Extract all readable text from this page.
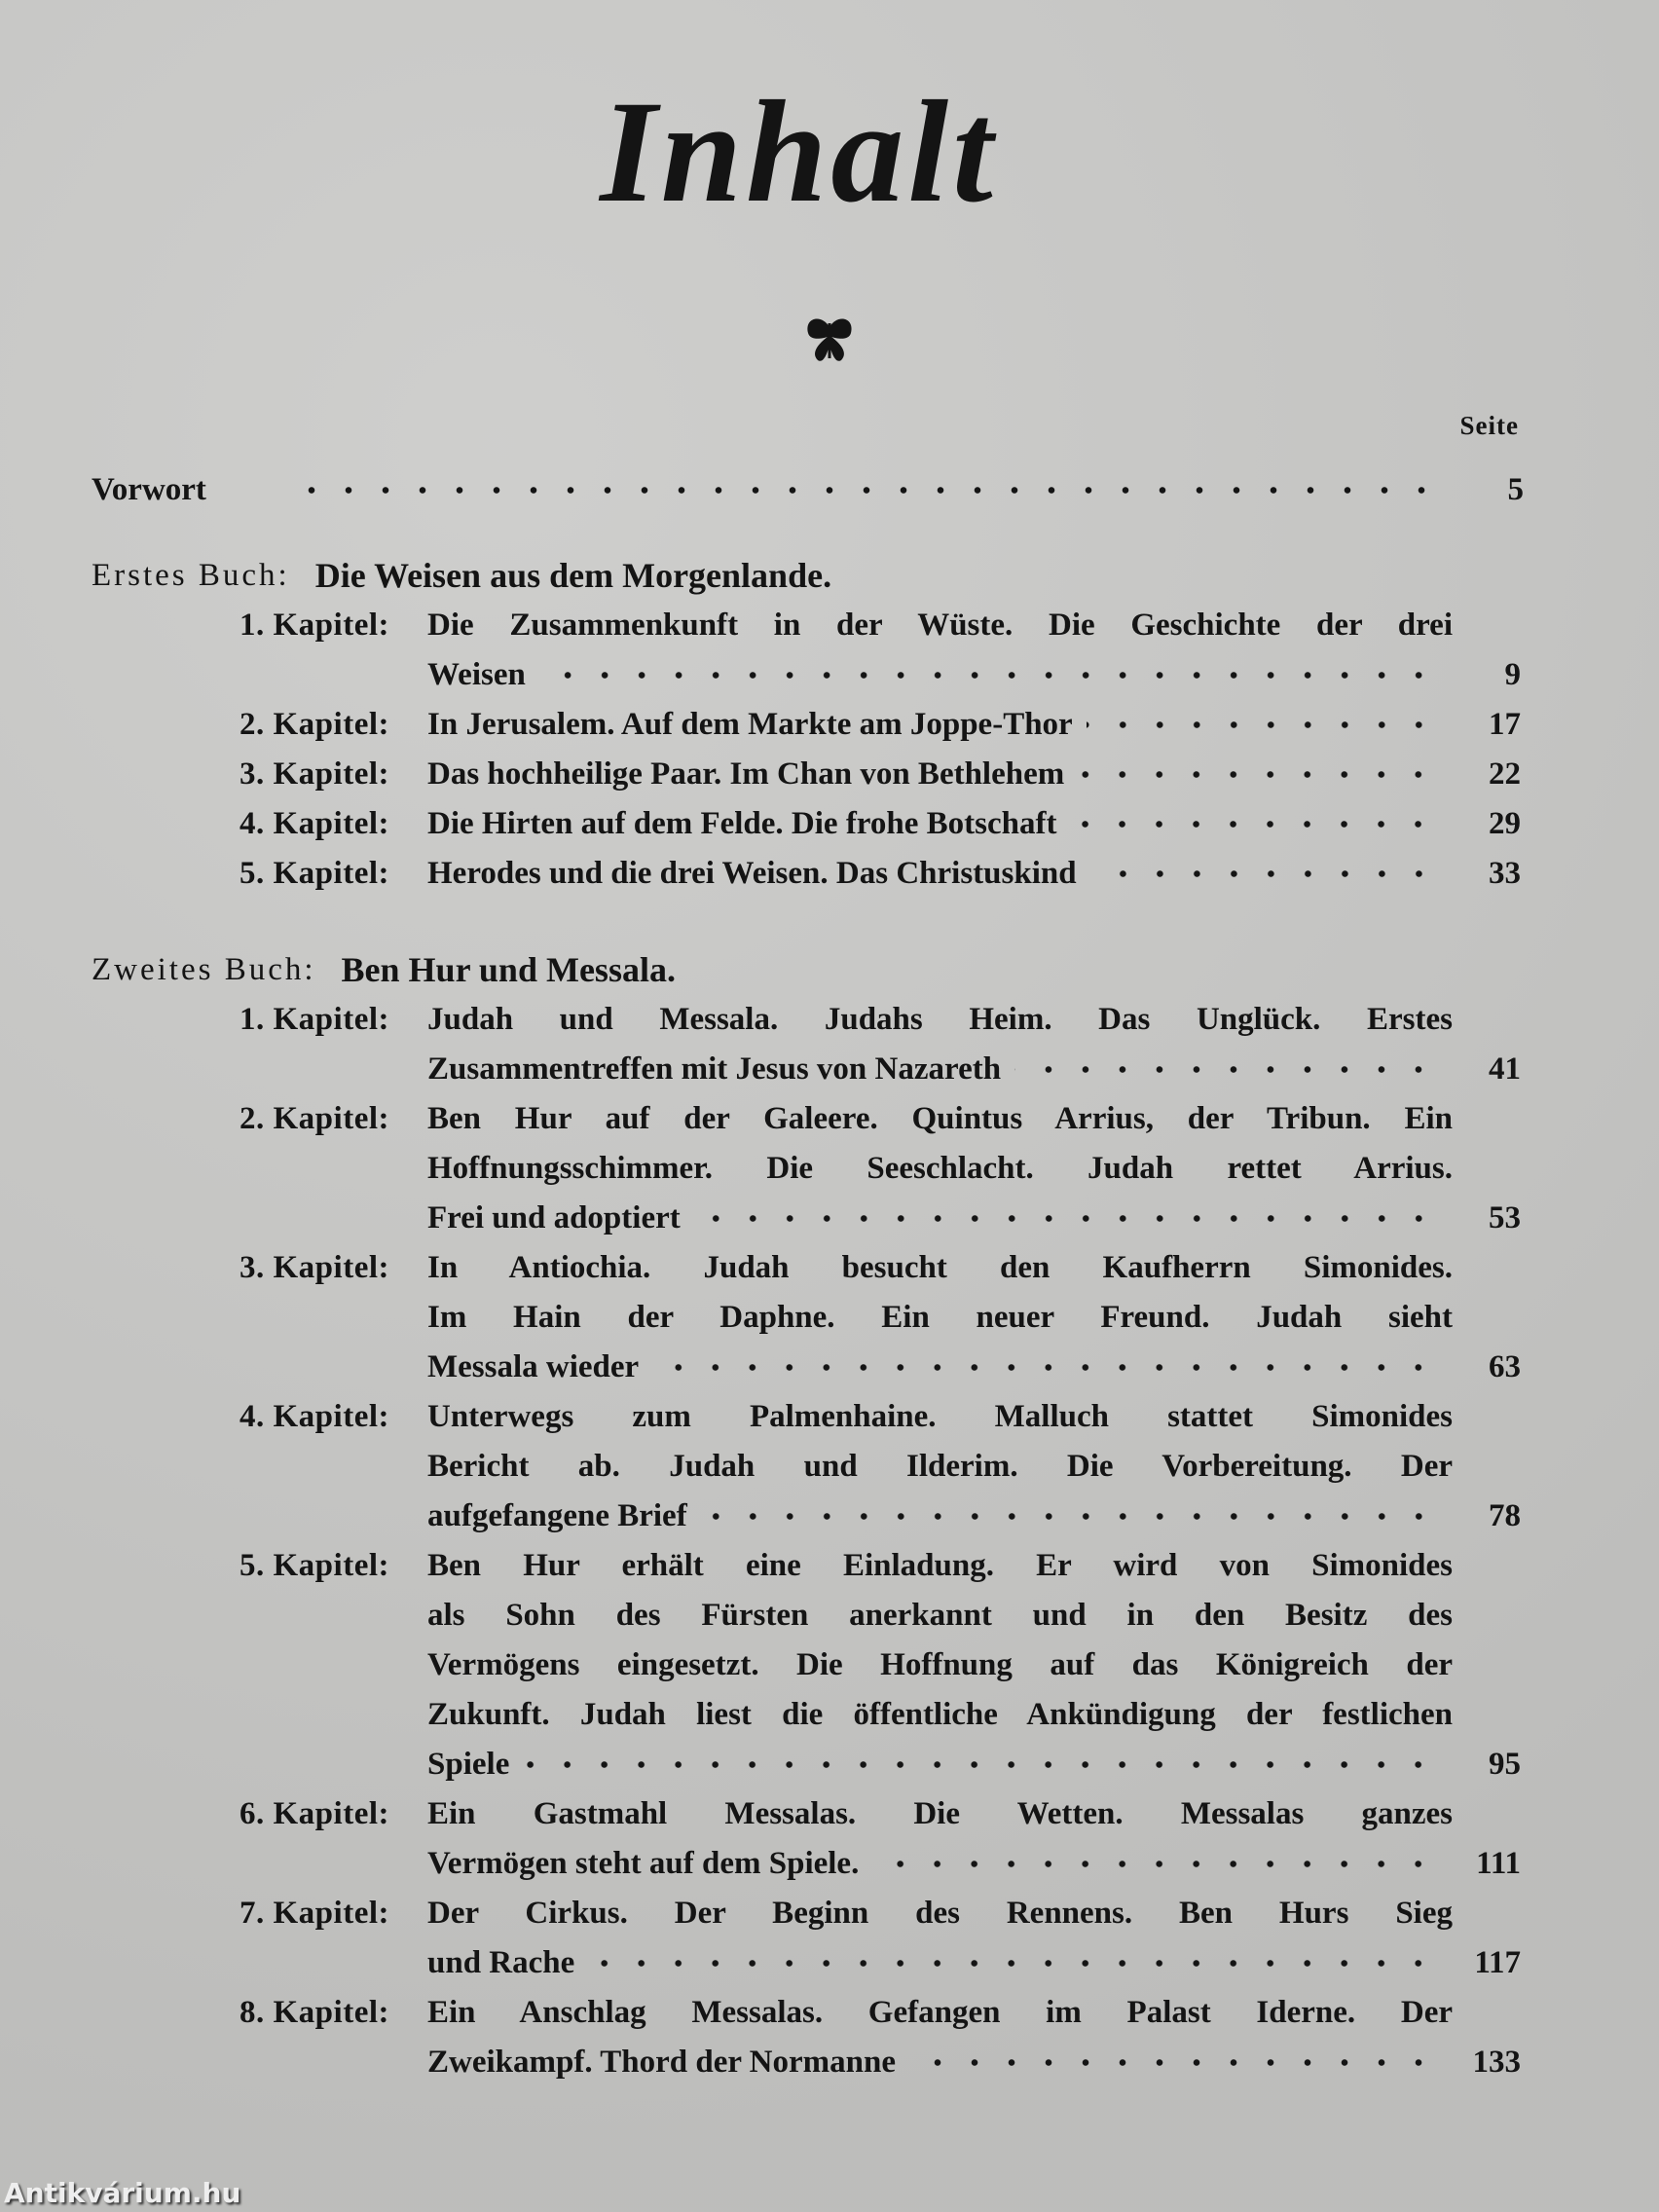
Inhalt
Seite
Vorwort	5
Erstes Buch: Die Weisen aus dem Morgenlande.
1. Kapitel: Die Zusammenkunft in der Wüste. Die Geschichte der drei
Weisen	9
2. Kapitel: In Jerusalem. Auf dem Markte am Joppe-Thor	17
3. Kapitel: Das hochheilige Paar. Im Chan von Bethlehem	22
4. Kapitel: Die Hirten auf dem Felde. Die frohe Botschaft	29
5. Kapitel: Herodes und die drei Weisen. Das Christuskind	33
Zweites Buch: Ben Hur und Messala.
1. Kapitel: Judah und Messala. Judahs Heim. Das Unglück. Erstes
Zusammentreffen mit Jesus von Nazareth	41
2. Kapitel: Ben Hur auf der Galeere. Quintus Arrius, der Tribun. Ein
Hoffnungsschimmer. Die Seeschlacht. Judah rettet Arrius.
Frei und adoptiert	53
3. Kapitel: In Antiochia. Judah besucht den Kaufherrn Simonides.
Im Hain der Daphne. Ein neuer Freund. Judah sieht
Messala wieder	63
4. Kapitel: Unterwegs zum Palmenhaine. Malluch stattet Simonides
Bericht ab. Judah und Ilderim. Die Vorbereitung. Der
aufgefangene Brief	78
5. Kapitel: Ben Hur erhält eine Einladung. Er wird von Simonides
als Sohn des Fürsten anerkannt und in den Besitz des
Vermögens eingesetzt. Die Hoffnung auf das Königreich der
Zukunft. Judah liest die öffentliche Ankündigung der festlichen
Spiele	95
6. Kapitel: Ein Gastmahl Messalas. Die Wetten. Messalas ganzes
Vermögen steht auf dem Spiele.	111
7. Kapitel: Der Cirkus. Der Beginn des Rennens. Ben Hurs Sieg
und Rache	117
8. Kapitel: Ein Anschlag Messalas. Gefangen im Palast Iderne. Der
Zweikampf. Thord der Normanne	133
Antikvárium.hu
